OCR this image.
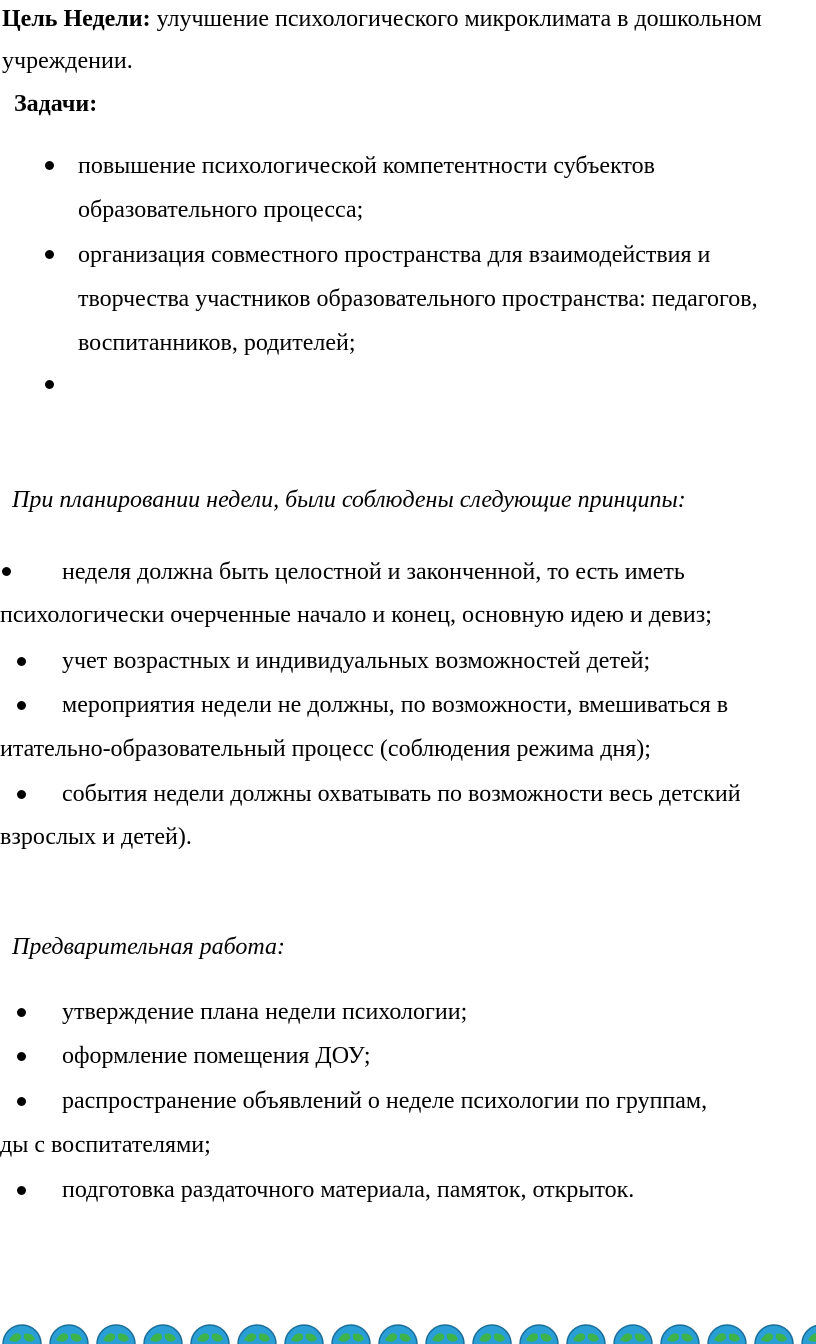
Цель Недели: улучшение психологического микроклимата в дошкольном
учреждении.
Задачи:
повышение психологической компетентности субъектов
образовательного процесса;
организация совместного пространства для взаимодействия и
творчества участников образовательного пространства: педагогов,
воспитанников, родителей;
При планировании недели, были соблюдены следующие принципы:
неделя должна быть целостной и законченной, то есть иметь
психологически очерченные начало и конец, основную идею и девиз;
учет возрастных и индивидуальных возможностей детей;
мероприятия недели не должны, по возможности, вмешиваться в
итательно-образовательный процесс (соблюдения режима дня);
события недели должны охватывать по возможности весь детский
взрослых и детей).
Предварительная работа:
утверждение плана недели психологии;
оформление помещения ДОУ;
распространение объявлений о неделе психологии по группам,
ды с воспитателями;
подготовка раздаточного материала, памяток, открыток.
